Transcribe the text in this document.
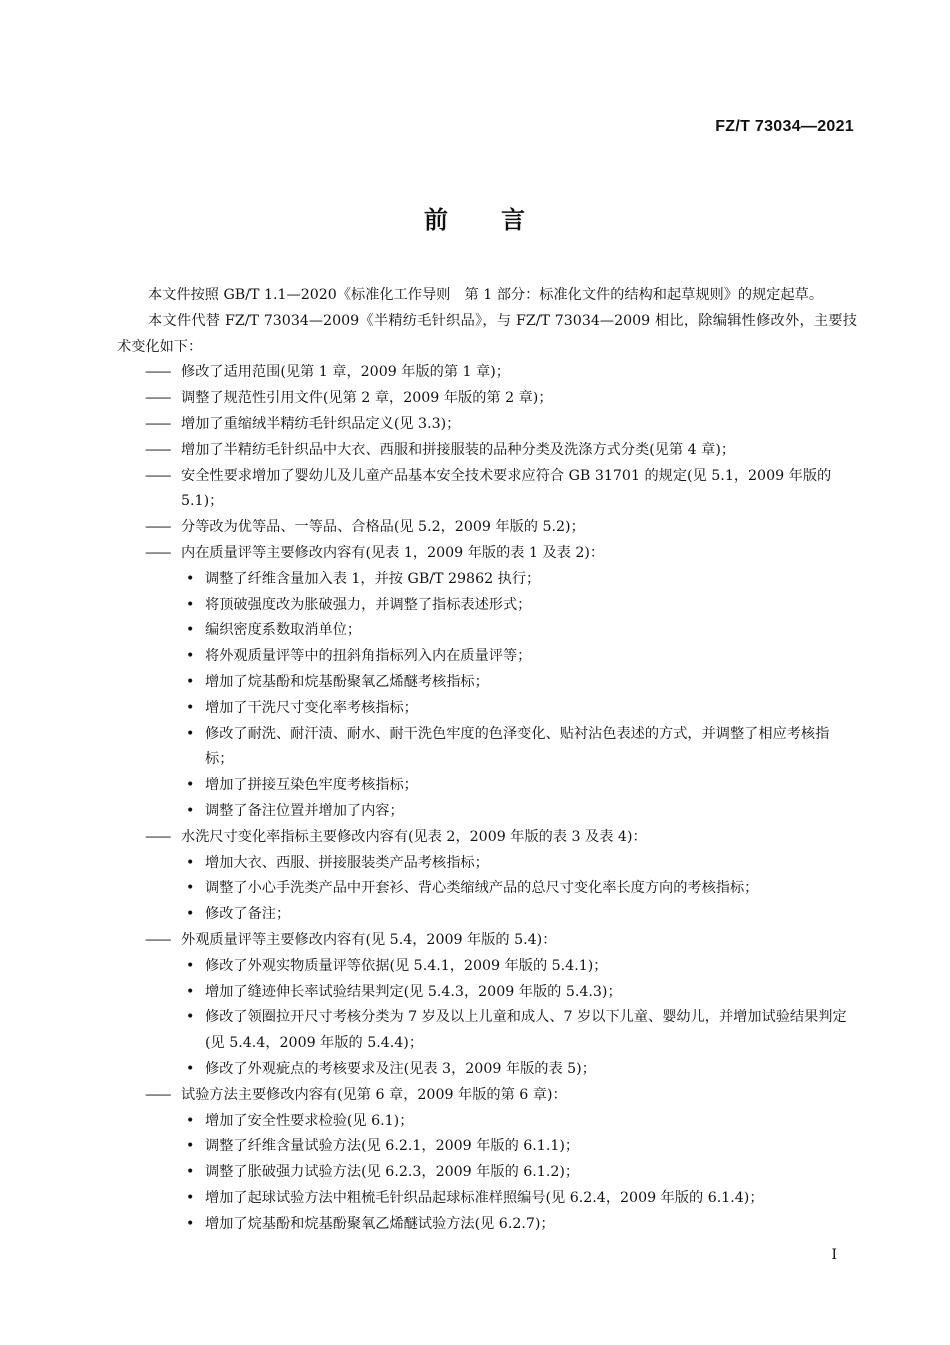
FZ/T 73034—2021
前 言

本文件按照 GB/T 1.1—2020《标准化工作导则　第 1 部分：标准化文件的结构和起草规则》的规定起草。

本文件代替 FZ/T 73034—2009《半精纺毛针织品》，与 FZ/T 73034—2009 相比，除编辑性修改外，主要技术变化如下：

—— 修改了适用范围(见第 1 章，2009 年版的第 1 章)；
—— 调整了规范性引用文件(见第 2 章，2009 年版的第 2 章)；
—— 增加了重缩绒半精纺毛针织品定义(见 3.3)；
—— 增加了半精纺毛针织品中大衣、西服和拼接服装的品种分类及洗涤方式分类(见第 4 章)；
—— 安全性要求增加了婴幼儿及儿童产品基本安全技术要求应符合 GB 31701 的规定(见 5.1，2009 年版的 5.1)；
—— 分等改为优等品、一等品、合格品(见 5.2，2009 年版的 5.2)；
—— 内在质量评等主要修改内容有(见表 1，2009 年版的表 1 及表 2)：
• 调整了纤维含量加入表 1，并按 GB/T 29862 执行；
• 将顶破强度改为胀破强力，并调整了指标表述形式；
• 编织密度系数取消单位；
• 将外观质量评等中的扭斜角指标列入内在质量评等；
• 增加了烷基酚和烷基酚聚氧乙烯醚考核指标；
• 增加了干洗尺寸变化率考核指标；
• 修改了耐洗、耐汗渍、耐水、耐干洗色牢度的色泽变化、贴衬沾色表述的方式，并调整了相应考核指标；
• 增加了拼接互染色牢度考核指标；
• 调整了备注位置并增加了内容；
—— 水洗尺寸变化率指标主要修改内容有(见表 2，2009 年版的表 3 及表 4)：
• 增加大衣、西服、拼接服装类产品考核指标；
• 调整了小心手洗类产品中开套衫、背心类缩绒产品的总尺寸变化率长度方向的考核指标；
• 修改了备注；
—— 外观质量评等主要修改内容有(见 5.4，2009 年版的 5.4)：
• 修改了外观实物质量评等依据(见 5.4.1，2009 年版的 5.4.1)；
• 增加了缝迹伸长率试验结果判定(见 5.4.3，2009 年版的 5.4.3)；
• 修改了领圈拉开尺寸考核分类为 7 岁及以上儿童和成人、7 岁以下儿童、婴幼儿，并增加试验结果判定(见 5.4.4，2009 年版的 5.4.4)；
• 修改了外观疵点的考核要求及注(见表 3，2009 年版的表 5)；
—— 试验方法主要修改内容有(见第 6 章，2009 年版的第 6 章)：
• 增加了安全性要求检验(见 6.1)；
• 调整了纤维含量试验方法(见 6.2.1，2009 年版的 6.1.1)；
• 调整了胀破强力试验方法(见 6.2.3，2009 年版的 6.1.2)；
• 增加了起球试验方法中粗梳毛针织品起球标准样照编号(见 6.2.4，2009 年版的 6.1.4)；
• 增加了烷基酚和烷基酚聚氧乙烯醚试验方法(见 6.2.7)；
I
